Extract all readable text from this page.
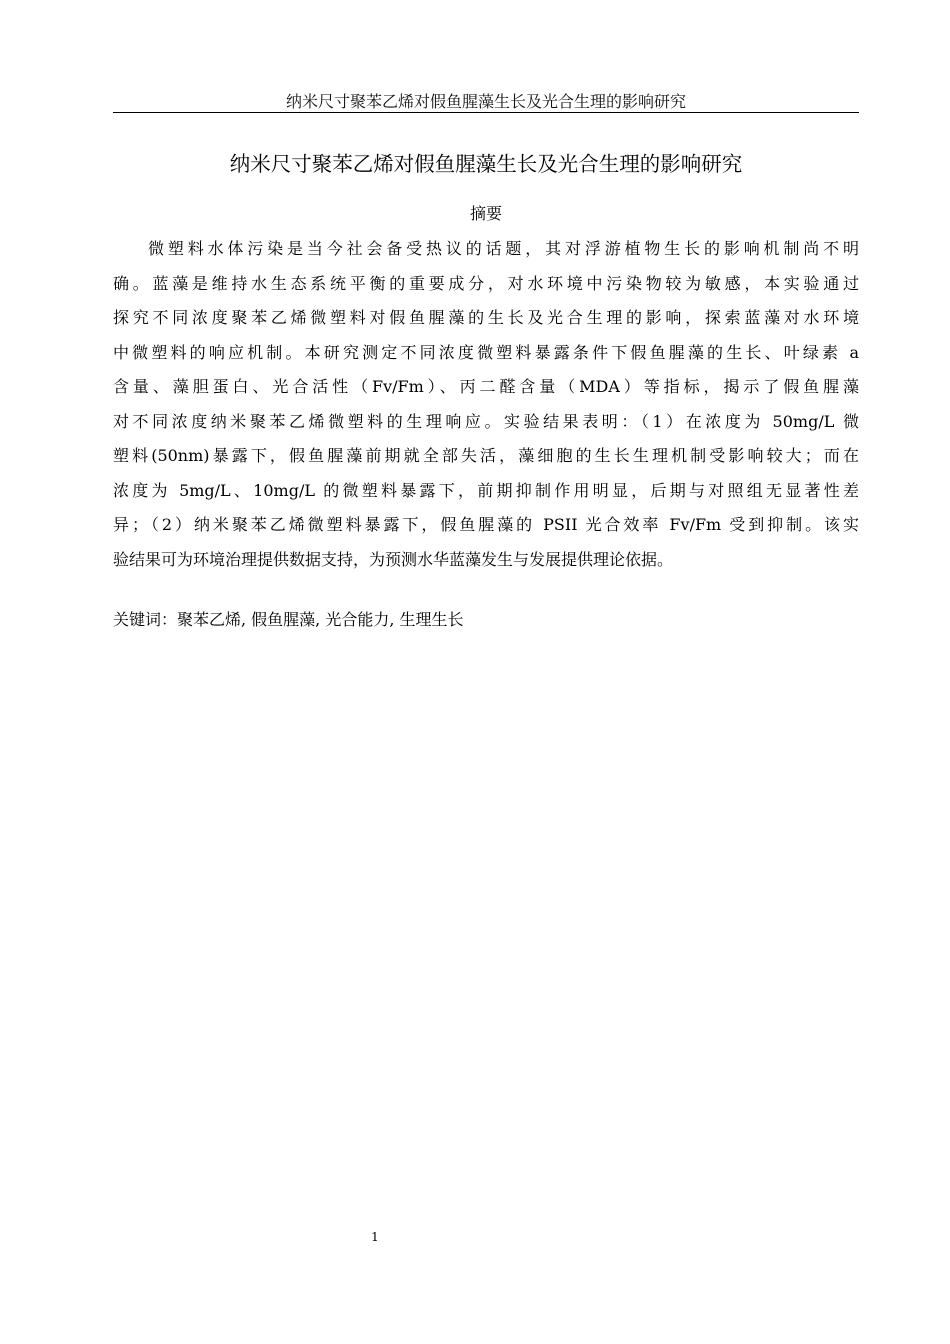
纳米尺寸聚苯乙烯对假鱼腥藻生长及光合生理的影响研究
纳米尺寸聚苯乙烯对假鱼腥藻生长及光合生理的影响研究
摘要
微塑料水体污染是当今社会备受热议的话题，其对浮游植物生长的影响机制尚不明
确。蓝藻是维持水生态系统平衡的重要成分，对水环境中污染物较为敏感，本实验通过
探究不同浓度聚苯乙烯微塑料对假鱼腥藻的生长及光合生理的影响，探索蓝藻对水环境
中微塑料的响应机制。本研究测定不同浓度微塑料暴露条件下假鱼腥藻的生长、叶绿素 a
含量、藻胆蛋白、光合活性（Fv/Fm）、丙二醛含量（MDA）等指标，揭示了假鱼腥藻
对不同浓度纳米聚苯乙烯微塑料的生理响应。实验结果表明：（1）在浓度为 50mg/L 微
塑料(50nm)暴露下，假鱼腥藻前期就全部失活，藻细胞的生长生理机制受影响较大；而在
浓度为 5mg/L、10mg/L 的微塑料暴露下，前期抑制作用明显，后期与对照组无显著性差
异；（2）纳米聚苯乙烯微塑料暴露下，假鱼腥藻的 PSII 光合效率 Fv/Fm 受到抑制。该实
验结果可为环境治理提供数据支持，为预测水华蓝藻发生与发展提供理论依据。
关键词：聚苯乙烯, 假鱼腥藻, 光合能力, 生理生长
1
